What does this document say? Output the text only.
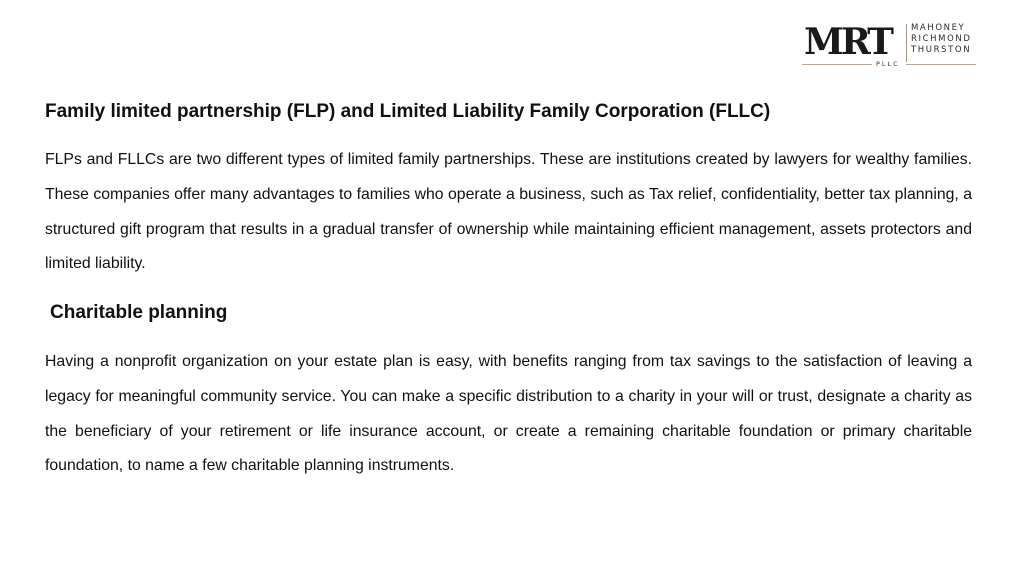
MRT MAHONEY
RICHMOND
THURSTON
PLLC
Family limited partnership (FLP) and Limited Liability Family Corporation (FLLC)

FLPs and FLLCs are two different types of limited family partnerships. These are institutions created by lawyers for wealthy families. These companies offer many advantages to families who operate a business, such as Tax relief, confidentiality, better tax planning, a structured gift program that results in a gradual transfer of ownership while maintaining efficient management, assets protectors and limited liability.

Charitable planning

Having a nonprofit organization on your estate plan is easy, with benefits ranging from tax savings to the satisfaction of leaving a legacy for meaningful community service. You can make a specific distribution to a charity in your will or trust, designate a charity as the beneficiary of your retirement or life insurance account, or create a remaining charitable foundation or primary charitable foundation, to name a few charitable planning instruments.
